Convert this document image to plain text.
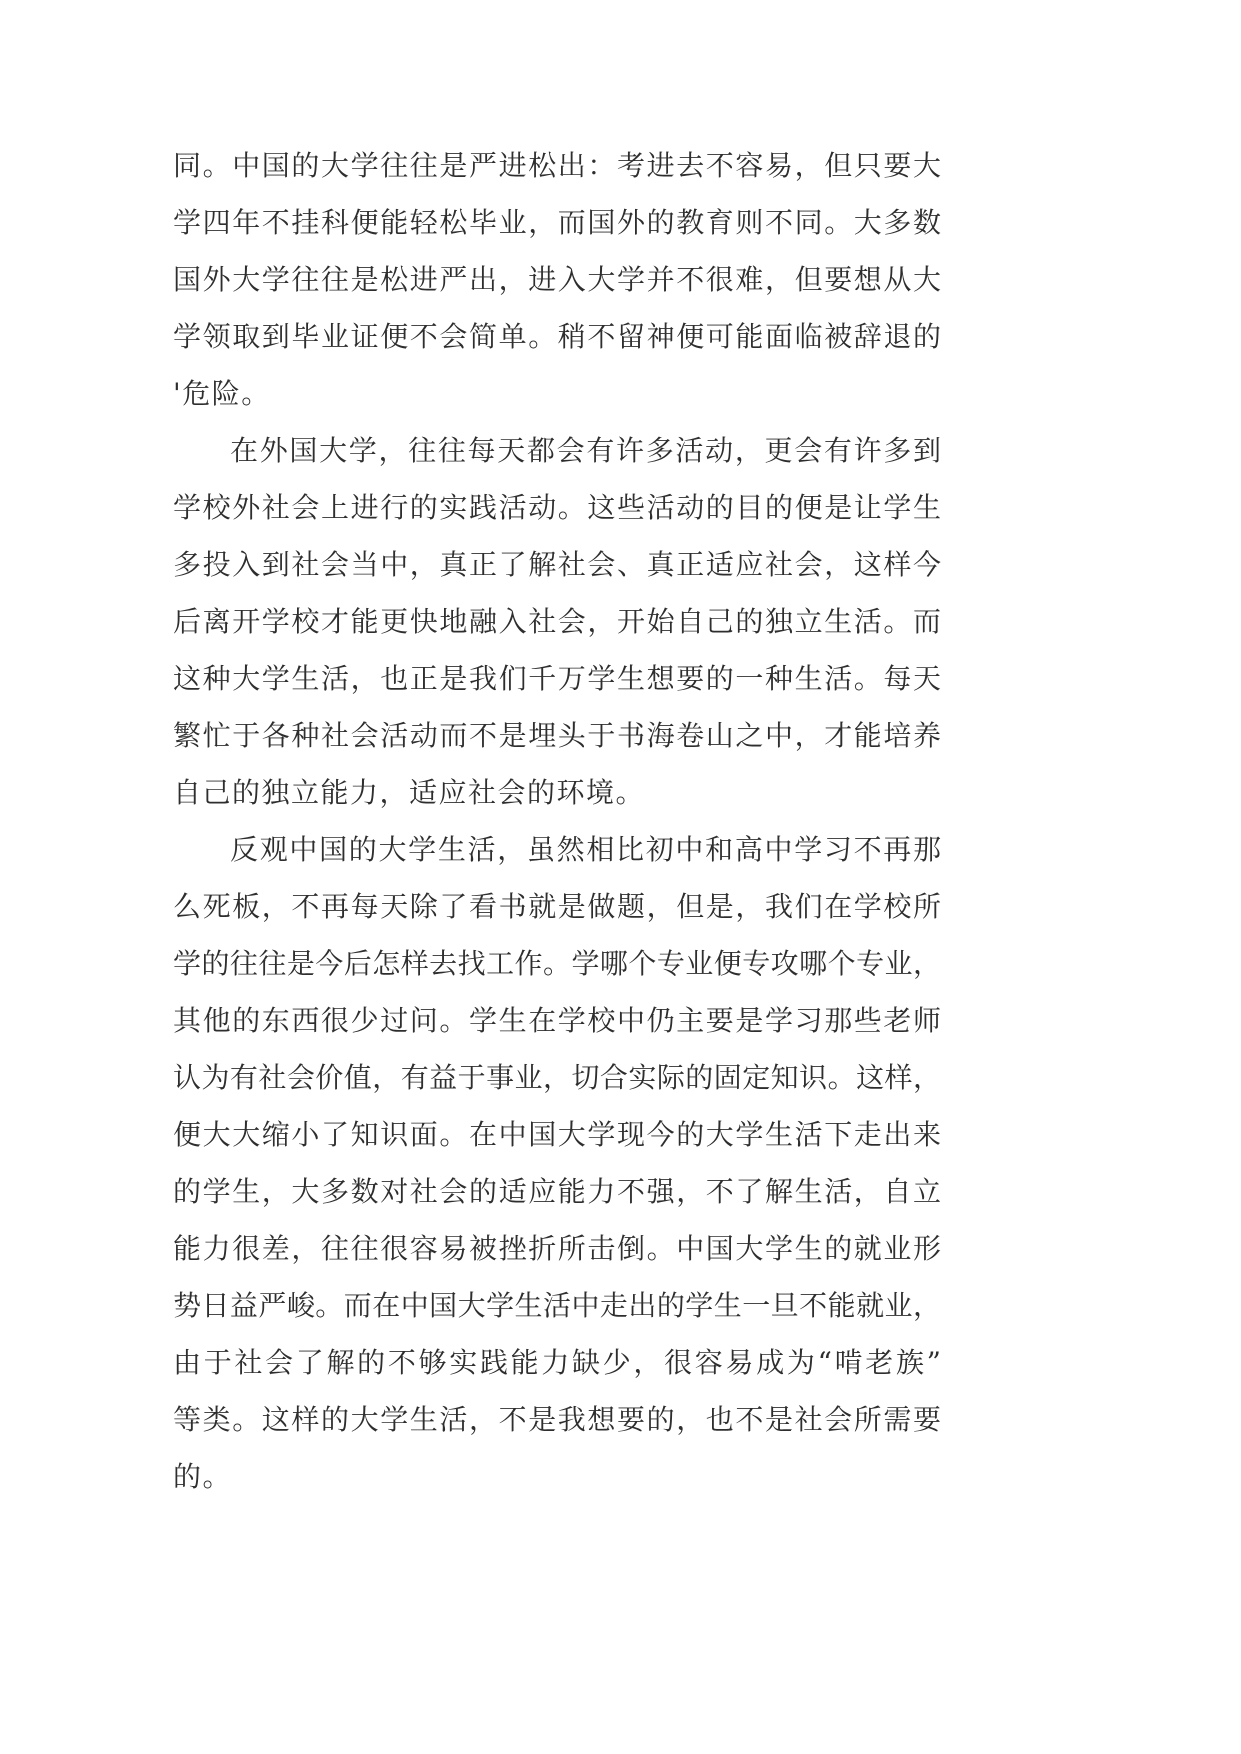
同。中国的大学往往是严进松出：考进去不容易，但只要大
学四年不挂科便能轻松毕业，而国外的教育则不同。大多数
国外大学往往是松进严出，进入大学并不很难，但要想从大
学领取到毕业证便不会简单。稍不留神便可能面临被辞退的
'危险。
在外国大学，往往每天都会有许多活动，更会有许多到
学校外社会上进行的实践活动。这些活动的目的便是让学生
多投入到社会当中，真正了解社会、真正适应社会，这样今
后离开学校才能更快地融入社会，开始自己的独立生活。而
这种大学生活，也正是我们千万学生想要的一种生活。每天
繁忙于各种社会活动而不是埋头于书海卷山之中，才能培养
自己的独立能力，适应社会的环境。
反观中国的大学生活，虽然相比初中和高中学习不再那
么死板，不再每天除了看书就是做题，但是，我们在学校所
学的往往是今后怎样去找工作。学哪个专业便专攻哪个专业，
其他的东西很少过问。学生在学校中仍主要是学习那些老师
认为有社会价值，有益于事业，切合实际的固定知识。这样，
便大大缩小了知识面。在中国大学现今的大学生活下走出来
的学生，大多数对社会的适应能力不强，不了解生活，自立
能力很差，往往很容易被挫折所击倒。中国大学生的就业形
势日益严峻。而在中国大学生活中走出的学生一旦不能就业，
由于社会了解的不够实践能力缺少，很容易成为“啃老族”
等类。这样的大学生活，不是我想要的，也不是社会所需要
的。
